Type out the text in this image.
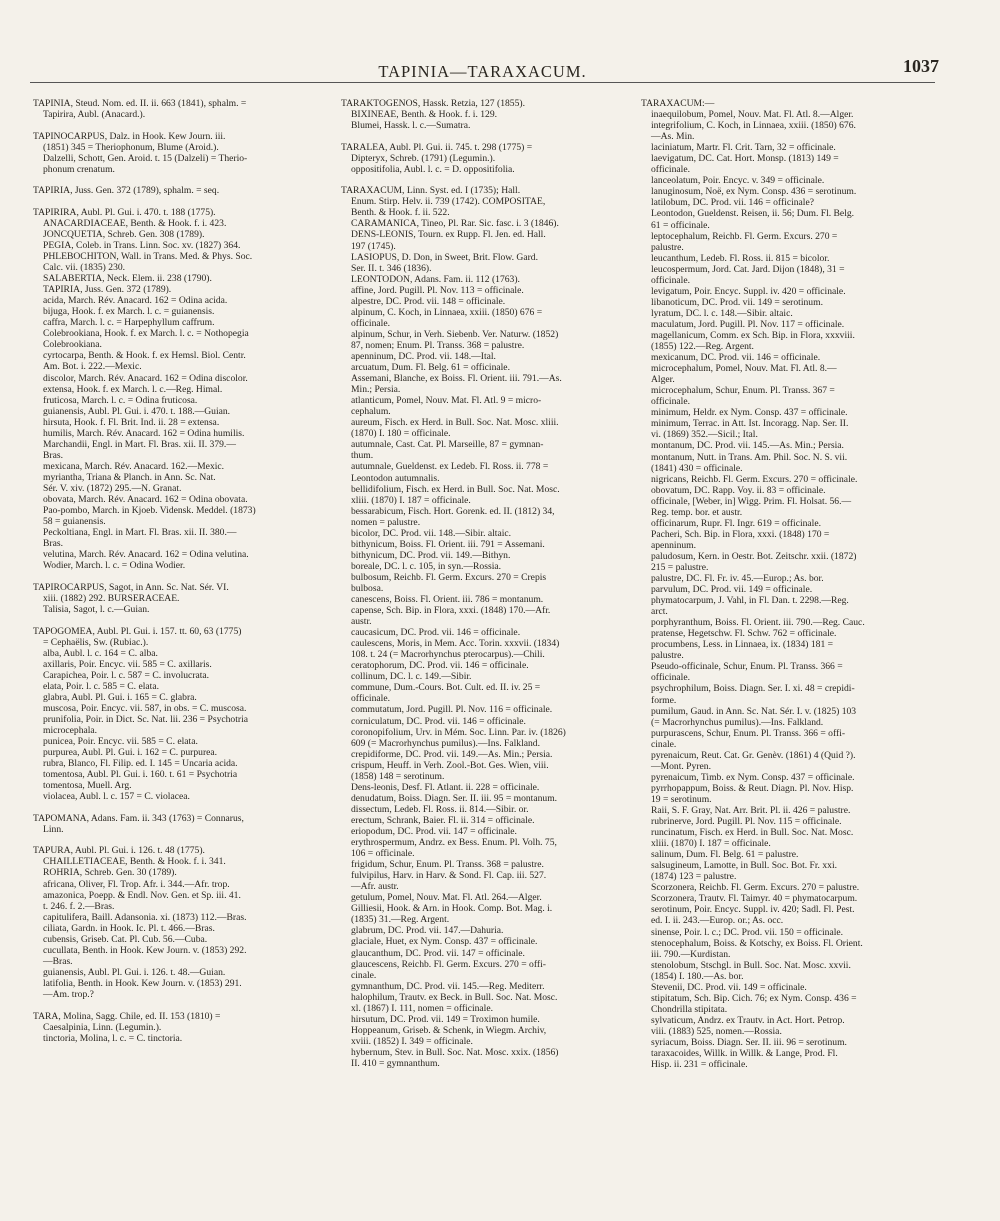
TAPINIA—TARAXACUM.	1037
TAPINIA, Steud. Nom. ed. II. ii. 663 (1841), sphalm. =
Tapirira, Aubl. (Anacard.).
TAPINOCARPUS, Dalz. in Hook. Kew Journ. iii.
(1851) 345 = Theriophonum, Blume (Aroid.).
Dalzelli, Schott, Gen. Aroid. t. 15 (Dalzeli) = Therio-
phonum crenatum.
TAPIRIA, Juss. Gen. 372 (1789), sphalm. = seq.
TAPIRIRA, Aubl. Pl. Gui. i. 470. t. 188 (1775).
ANACARDIACEAE, Benth. & Hook. f. i. 423.
JONCQUETIA, Schreb. Gen. 308 (1789).
PEGIA, Coleb. in Trans. Linn. Soc. xv. (1827) 364.
PHLEBOCHITON, Wall. in Trans. Med. & Phys. Soc.
Calc. vii. (1835) 230.
SALABERTIA, Neck. Elem. ii. 238 (1790).
TAPIRIA, Juss. Gen. 372 (1789).
acida, March. Rév. Anacard. 162 = Odina acida.
bijuga, Hook. f. ex March. l. c. = guianensis.
caffra, March. l. c. = Harpephyllum caffrum.
Colebrookiana, Hook. f. ex March. l. c. = Nothopegia
Colebrookiana.
cyrtocarpa, Benth. & Hook. f. ex Hemsl. Biol. Centr.
Am. Bot. i. 222.—Mexic.
discolor, March. Rév. Anacard. 162 = Odina discolor.
extensa, Hook. f. ex March. l. c.—Reg. Himal.
fruticosa, March. l. c. = Odina fruticosa.
guianensis, Aubl. Pl. Gui. i. 470. t. 188.—Guian.
hirsuta, Hook. f. Fl. Brit. Ind. ii. 28 = extensa.
humilis, March. Rév. Anacard. 162 = Odina humilis.
Marchandii, Engl. in Mart. Fl. Bras. xii. II. 379.—
Bras.
mexicana, March. Rév. Anacard. 162.—Mexic.
myriantha, Triana & Planch. in Ann. Sc. Nat.
Sér. V. xiv. (1872) 295.—N. Granat.
obovata, March. Rév. Anacard. 162 = Odina obovata.
Pao-pombo, March. in Kjoeb. Vidensk. Meddel. (1873)
58 = guianensis.
Peckoltiana, Engl. in Mart. Fl. Bras. xii. II. 380.—
Bras.
velutina, March. Rév. Anacard. 162 = Odina velutina.
Wodier, March. l. c. = Odina Wodier.
TAPIROCARPUS, Sagot, in Ann. Sc. Nat. Sér. VI.
xiii. (1882) 292. BURSERACEAE.
Talisia, Sagot, l. c.—Guian.
TAPOGOMEA, Aubl. Pl. Gui. i. 157. tt. 60, 63 (1775)
= Cephaëlis, Sw. (Rubiac.).
alba, Aubl. l. c. 164 = C. alba.
axillaris, Poir. Encyc. vii. 585 = C. axillaris.
Carapichea, Poir. l. c. 587 = C. involucrata.
elata, Poir. l. c. 585 = C. elata.
glabra, Aubl. Pl. Gui. i. 165 = C. glabra.
muscosa, Poir. Encyc. vii. 587, in obs. = C. muscosa.
prunifolia, Poir. in Dict. Sc. Nat. lii. 236 = Psychotria
microcephala.
punicea, Poir. Encyc. vii. 585 = C. elata.
purpurea, Aubl. Pl. Gui. i. 162 = C. purpurea.
rubra, Blanco, Fl. Filip. ed. I. 145 = Uncaria acida.
tomentosa, Aubl. Pl. Gui. i. 160. t. 61 = Psychotria
tomentosa, Muell. Arg.
violacea, Aubl. l. c. 157 = C. violacea.
TAPOMANA, Adans. Fam. ii. 343 (1763) = Connarus,
Linn.
TAPURA, Aubl. Pl. Gui. i. 126. t. 48 (1775).
CHAILLETIACEAE, Benth. & Hook. f. i. 341.
ROHRIA, Schreb. Gen. 30 (1789).
africana, Oliver, Fl. Trop. Afr. i. 344.—Afr. trop.
amazonica, Poepp. & Endl. Nov. Gen. et Sp. iii. 41.
t. 246. f. 2.—Bras.
capitulifera, Baill. Adansonia. xi. (1873) 112.—Bras.
ciliata, Gardn. in Hook. Ic. Pl. t. 466.—Bras.
cubensis, Griseb. Cat. Pl. Cub. 56.—Cuba.
cucullata, Benth. in Hook. Kew Journ. v. (1853) 292.
—Bras.
guianensis, Aubl. Pl. Gui. i. 126. t. 48.—Guian.
latifolia, Benth. in Hook. Kew Journ. v. (1853) 291.
—Am. trop.?
TARA, Molina, Sagg. Chile, ed. II. 153 (1810) =
Caesalpinia, Linn. (Legumin.).
tinctoria, Molina, l. c. = C. tinctoria.
TARAKTOGENOS, Hassk. Retzia, 127 (1855).
BIXINEAE, Benth. & Hook. f. i. 129.
Blumei, Hassk. l. c.—Sumatra.
TARALEA, Aubl. Pl. Gui. ii. 745. t. 298 (1775) =
Dipteryx, Schreb. (1791) (Legumin.).
oppositifolia, Aubl. l. c. = D. oppositifolia.
TARAXACUM, Linn. Syst. ed. I (1735); Hall.
Enum. Stirp. Helv. ii. 739 (1742). COMPOSITAE,
Benth. & Hook. f. ii. 522.
CARAMANICA, Tineo, Pl. Rar. Sic. fasc. i. 3 (1846).
DENS-LEONIS, Tourn. ex Rupp. Fl. Jen. ed. Hall.
197 (1745).
LASIOPUS, D. Don, in Sweet, Brit. Flow. Gard.
Ser. II. t. 346 (1836).
LEONTODON, Adans. Fam. ii. 112 (1763).
affine, Jord. Pugill. Pl. Nov. 113 = officinale.
alpestre, DC. Prod. vii. 148 = officinale.
alpinum, C. Koch, in Linnaea, xxiii. (1850) 676 =
officinale.
alpinum, Schur, in Verh. Siebenb. Ver. Naturw. (1852)
87, nomen; Enum. Pl. Transs. 368 = palustre.
apenninum, DC. Prod. vii. 148.—Ital.
arcuatum, Dum. Fl. Belg. 61 = officinale.
Assemani, Blanche, ex Boiss. Fl. Orient. iii. 791.—As.
Min.; Persia.
atlanticum, Pomel, Nouv. Mat. Fl. Atl. 9 = micro-
cephalum.
aureum, Fisch. ex Herd. in Bull. Soc. Nat. Mosc. xliii.
(1870) I. 180 = officinale.
autumnale, Cast. Cat. Pl. Marseille, 87 = gymnan-
thum.
autumnale, Gueldenst. ex Ledeb. Fl. Ross. ii. 778 =
Leontodon autumnalis.
bellidifolium, Fisch. ex Herd. in Bull. Soc. Nat. Mosc.
xliii. (1870) I. 187 = officinale.
bessarabicum, Fisch. Hort. Gorenk. ed. II. (1812) 34,
nomen = palustre.
bicolor, DC. Prod. vii. 148.—Sibir. altaic.
bithynicum, Boiss. Fl. Orient. iii. 791 = Assemani.
bithynicum, DC. Prod. vii. 149.—Bithyn.
boreale, DC. l. c. 105, in syn.—Rossia.
bulbosum, Reichb. Fl. Germ. Excurs. 270 = Crepis
bulbosa.
canescens, Boiss. Fl. Orient. iii. 786 = montanum.
capense, Sch. Bip. in Flora, xxxi. (1848) 170.—Afr.
austr.
caucasicum, DC. Prod. vii. 146 = officinale.
caulescens, Moris, in Mem. Acc. Torin. xxxvii. (1834)
108. t. 24 (= Macrorhynchus pterocarpus).—Chili.
ceratophorum, DC. Prod. vii. 146 = officinale.
collinum, DC. l. c. 149.—Sibir.
commune, Dum.-Cours. Bot. Cult. ed. II. iv. 25 =
officinale.
commutatum, Jord. Pugill. Pl. Nov. 116 = officinale.
corniculatum, DC. Prod. vii. 146 = officinale.
coronopifolium, Urv. in Mém. Soc. Linn. Par. iv. (1826)
609 (= Macrorhynchus pumilus).—Ins. Falkland.
crepidiforme, DC. Prod. vii. 149.—As. Min.; Persia.
crispum, Heuff. in Verh. Zool.-Bot. Ges. Wien, viii.
(1858) 148 = serotinum.
Dens-leonis, Desf. Fl. Atlant. ii. 228 = officinale.
denudatum, Boiss. Diagn. Ser. II. iii. 95 = montanum.
dissectum, Ledeb. Fl. Ross. ii. 814.—Sibir. or.
erectum, Schrank, Baier. Fl. ii. 314 = officinale.
eriopodum, DC. Prod. vii. 147 = officinale.
erythrospermum, Andrz. ex Bess. Enum. Pl. Volh. 75,
106 = officinale.
frigidum, Schur, Enum. Pl. Transs. 368 = palustre.
fulvipilus, Harv. in Harv. & Sond. Fl. Cap. iii. 527.
—Afr. austr.
getulum, Pomel, Nouv. Mat. Fl. Atl. 264.—Alger.
Gilliesii, Hook. & Arn. in Hook. Comp. Bot. Mag. i.
(1835) 31.—Reg. Argent.
glabrum, DC. Prod. vii. 147.—Dahuria.
glaciale, Huet, ex Nym. Consp. 437 = officinale.
glaucanthum, DC. Prod. vii. 147 = officinale.
glaucescens, Reichb. Fl. Germ. Excurs. 270 = offi-
cinale.
gymnanthum, DC. Prod. vii. 145.—Reg. Mediterr.
halophilum, Trautv. ex Beck. in Bull. Soc. Nat. Mosc.
xl. (1867) I. 111, nomen = officinale.
hirsutum, DC. Prod. vii. 149 = Troximon humile.
Hoppeanum, Griseb. & Schenk, in Wiegm. Archiv,
xviii. (1852) I. 349 = officinale.
hybernum, Stev. in Bull. Soc. Nat. Mosc. xxix. (1856)
II. 410 = gymnanthum.
TARAXACUM:—
inaequilobum, Pomel, Nouv. Mat. Fl. Atl. 8.—Alger.
integrifolium, C. Koch, in Linnaea, xxiii. (1850) 676.
—As. Min.
laciniatum, Martr. Fl. Crit. Tarn, 32 = officinale.
laevigatum, DC. Cat. Hort. Monsp. (1813) 149 =
officinale.
lanceolatum, Poir. Encyc. v. 349 = officinale.
lanuginosum, Noë, ex Nym. Consp. 436 = serotinum.
latilobum, DC. Prod. vii. 146 = officinale?
Leontodon, Gueldenst. Reisen, ii. 56; Dum. Fl. Belg.
61 = officinale.
leptocephalum, Reichb. Fl. Germ. Excurs. 270 =
palustre.
leucanthum, Ledeb. Fl. Ross. ii. 815 = bicolor.
leucospermum, Jord. Cat. Jard. Dijon (1848), 31 =
officinale.
levigatum, Poir. Encyc. Suppl. iv. 420 = officinale.
libanoticum, DC. Prod. vii. 149 = serotinum.
lyratum, DC. l. c. 148.—Sibir. altaic.
maculatum, Jord. Pugill. Pl. Nov. 117 = officinale.
magellanicum, Comm. ex Sch. Bip. in Flora, xxxviii.
(1855) 122.—Reg. Argent.
mexicanum, DC. Prod. vii. 146 = officinale.
microcephalum, Pomel, Nouv. Mat. Fl. Atl. 8.—
Alger.
microcephalum, Schur, Enum. Pl. Transs. 367 =
officinale.
minimum, Heldr. ex Nym. Consp. 437 = officinale.
minimum, Terrac. in Att. Ist. Incoragg. Nap. Ser. II.
vi. (1869) 352.—Sicil.; Ital.
montanum, DC. Prod. vii. 145.—As. Min.; Persia.
montanum, Nutt. in Trans. Am. Phil. Soc. N. S. vii.
(1841) 430 = officinale.
nigricans, Reichb. Fl. Germ. Excurs. 270 = officinale.
obovatum, DC. Rapp. Voy. ii. 83 = officinale.
officinale, [Weber, in] Wigg. Prim. Fl. Holsat. 56.—
Reg. temp. bor. et austr.
officinarum, Rupr. Fl. Ingr. 619 = officinale.
Pacheri, Sch. Bip. in Flora, xxxi. (1848) 170 =
apenninum.
paludosum, Kern. in Oestr. Bot. Zeitschr. xxii. (1872)
215 = palustre.
palustre, DC. Fl. Fr. iv. 45.—Europ.; As. bor.
parvulum, DC. Prod. vii. 149 = officinale.
phymatocarpum, J. Vahl, in Fl. Dan. t. 2298.—Reg.
arct.
porphyranthum, Boiss. Fl. Orient. iii. 790.—Reg. Cauc.
pratense, Hegetschw. Fl. Schw. 762 = officinale.
procumbens, Less. in Linnaea, ix. (1834) 181 =
palustre.
Pseudo-officinale, Schur, Enum. Pl. Transs. 366 =
officinale.
psychrophilum, Boiss. Diagn. Ser. I. xi. 48 = crepidi-
forme.
pumilum, Gaud. in Ann. Sc. Nat. Sér. I. v. (1825) 103
(= Macrorhynchus pumilus).—Ins. Falkland.
purpurascens, Schur, Enum. Pl. Transs. 366 = offi-
cinale.
pyrenaicum, Reut. Cat. Gr. Genèv. (1861) 4 (Quid ?).
—Mont. Pyren.
pyrenaicum, Timb. ex Nym. Consp. 437 = officinale.
pyrrhopappum, Boiss. & Reut. Diagn. Pl. Nov. Hisp.
19 = serotinum.
Raii, S. F. Gray, Nat. Arr. Brit. Pl. ii. 426 = palustre.
rubrinerve, Jord. Pugill. Pl. Nov. 115 = officinale.
runcinatum, Fisch. ex Herd. in Bull. Soc. Nat. Mosc.
xliii. (1870) I. 187 = officinale.
salinum, Dum. Fl. Belg. 61 = palustre.
salsugineum, Lamotte, in Bull. Soc. Bot. Fr. xxi.
(1874) 123 = palustre.
Scorzonera, Reichb. Fl. Germ. Excurs. 270 = palustre.
Scorzonera, Trautv. Fl. Taimyr. 40 = phymatocarpum.
serotinum, Poir. Encyc. Suppl. iv. 420; Sadl. Fl. Pest.
ed. I. ii. 243.—Europ. or.; As. occ.
sinense, Poir. l. c.; DC. Prod. vii. 150 = officinale.
stenocephalum, Boiss. & Kotschy, ex Boiss. Fl. Orient.
iii. 790.—Kurdistan.
stenolobum, Stschgl. in Bull. Soc. Nat. Mosc. xxvii.
(1854) I. 180.—As. bor.
Stevenii, DC. Prod. vii. 149 = officinale.
stipitatum, Sch. Bip. Cich. 76; ex Nym. Consp. 436 =
Chondrilla stipitata.
sylvaticum, Andrz. ex Trautv. in Act. Hort. Petrop.
viii. (1883) 525, nomen.—Rossia.
syriacum, Boiss. Diagn. Ser. II. iii. 96 = serotinum.
taraxacoides, Willk. in Willk. & Lange, Prod. Fl.
Hisp. ii. 231 = officinale.
